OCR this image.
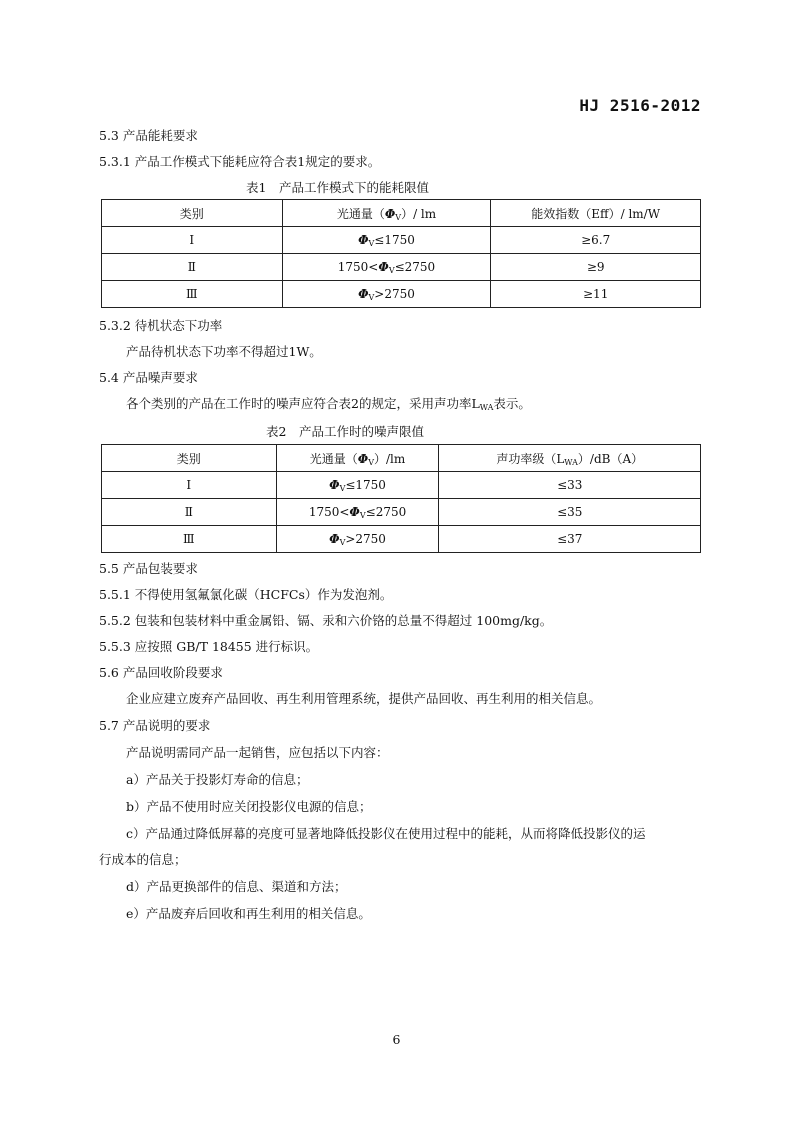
HJ 2516-2012
5.3 产品能耗要求
5.3.1 产品工作模式下能耗应符合表1规定的要求。
表1　产品工作模式下的能耗限值
类别	光通量$(\Phi_V)/$ lm	能效指数（Eff）/ lm/W
Ⅰ	$\Phi_V\le 1750$	≥6.7
Ⅱ	$1750<\Phi_V\le 2750$	≥9
Ⅲ	$\Phi_V>2750$	≥11
5.3.2 待机状态下功率
产品待机状态下功率不得超过1W。
5.4 产品噪声要求
各个类别的产品在工作时的噪声应符合表2的规定，采用声功率$L_{WA}$表示。
表2　产品工作时的噪声限值
类别	光通量$(\Phi_V)/lm$	声功率级$(L_{WA})/dB(A)$
Ⅰ	$\Phi_V\le 1750$	≤33
Ⅱ	$1750<\Phi_V\le 2750$	≤35
Ⅲ	$\Phi_V>2750$	≤37
5.5 产品包装要求
5.5.1 不得使用氢氟氯化碳（HCFCs）作为发泡剂。
5.5.2 包装和包装材料中重金属铅、镉、汞和六价铬的总量不得超过 100mg/kg。
5.5.3 应按照 GB/T 18455 进行标识。
5.6 产品回收阶段要求
企业应建立废弃产品回收、再生利用管理系统，提供产品回收、再生利用的相关信息。
5.7 产品说明的要求
产品说明需同产品一起销售，应包括以下内容：
a）产品关于投影灯寿命的信息；
b）产品不使用时应关闭投影仪电源的信息；
c）产品通过降低屏幕的亮度可显著地降低投影仪在使用过程中的能耗，从而将降低投影仪的运
行成本的信息；
d）产品更换部件的信息、渠道和方法；
e）产品废弃后回收和再生利用的相关信息。
6
